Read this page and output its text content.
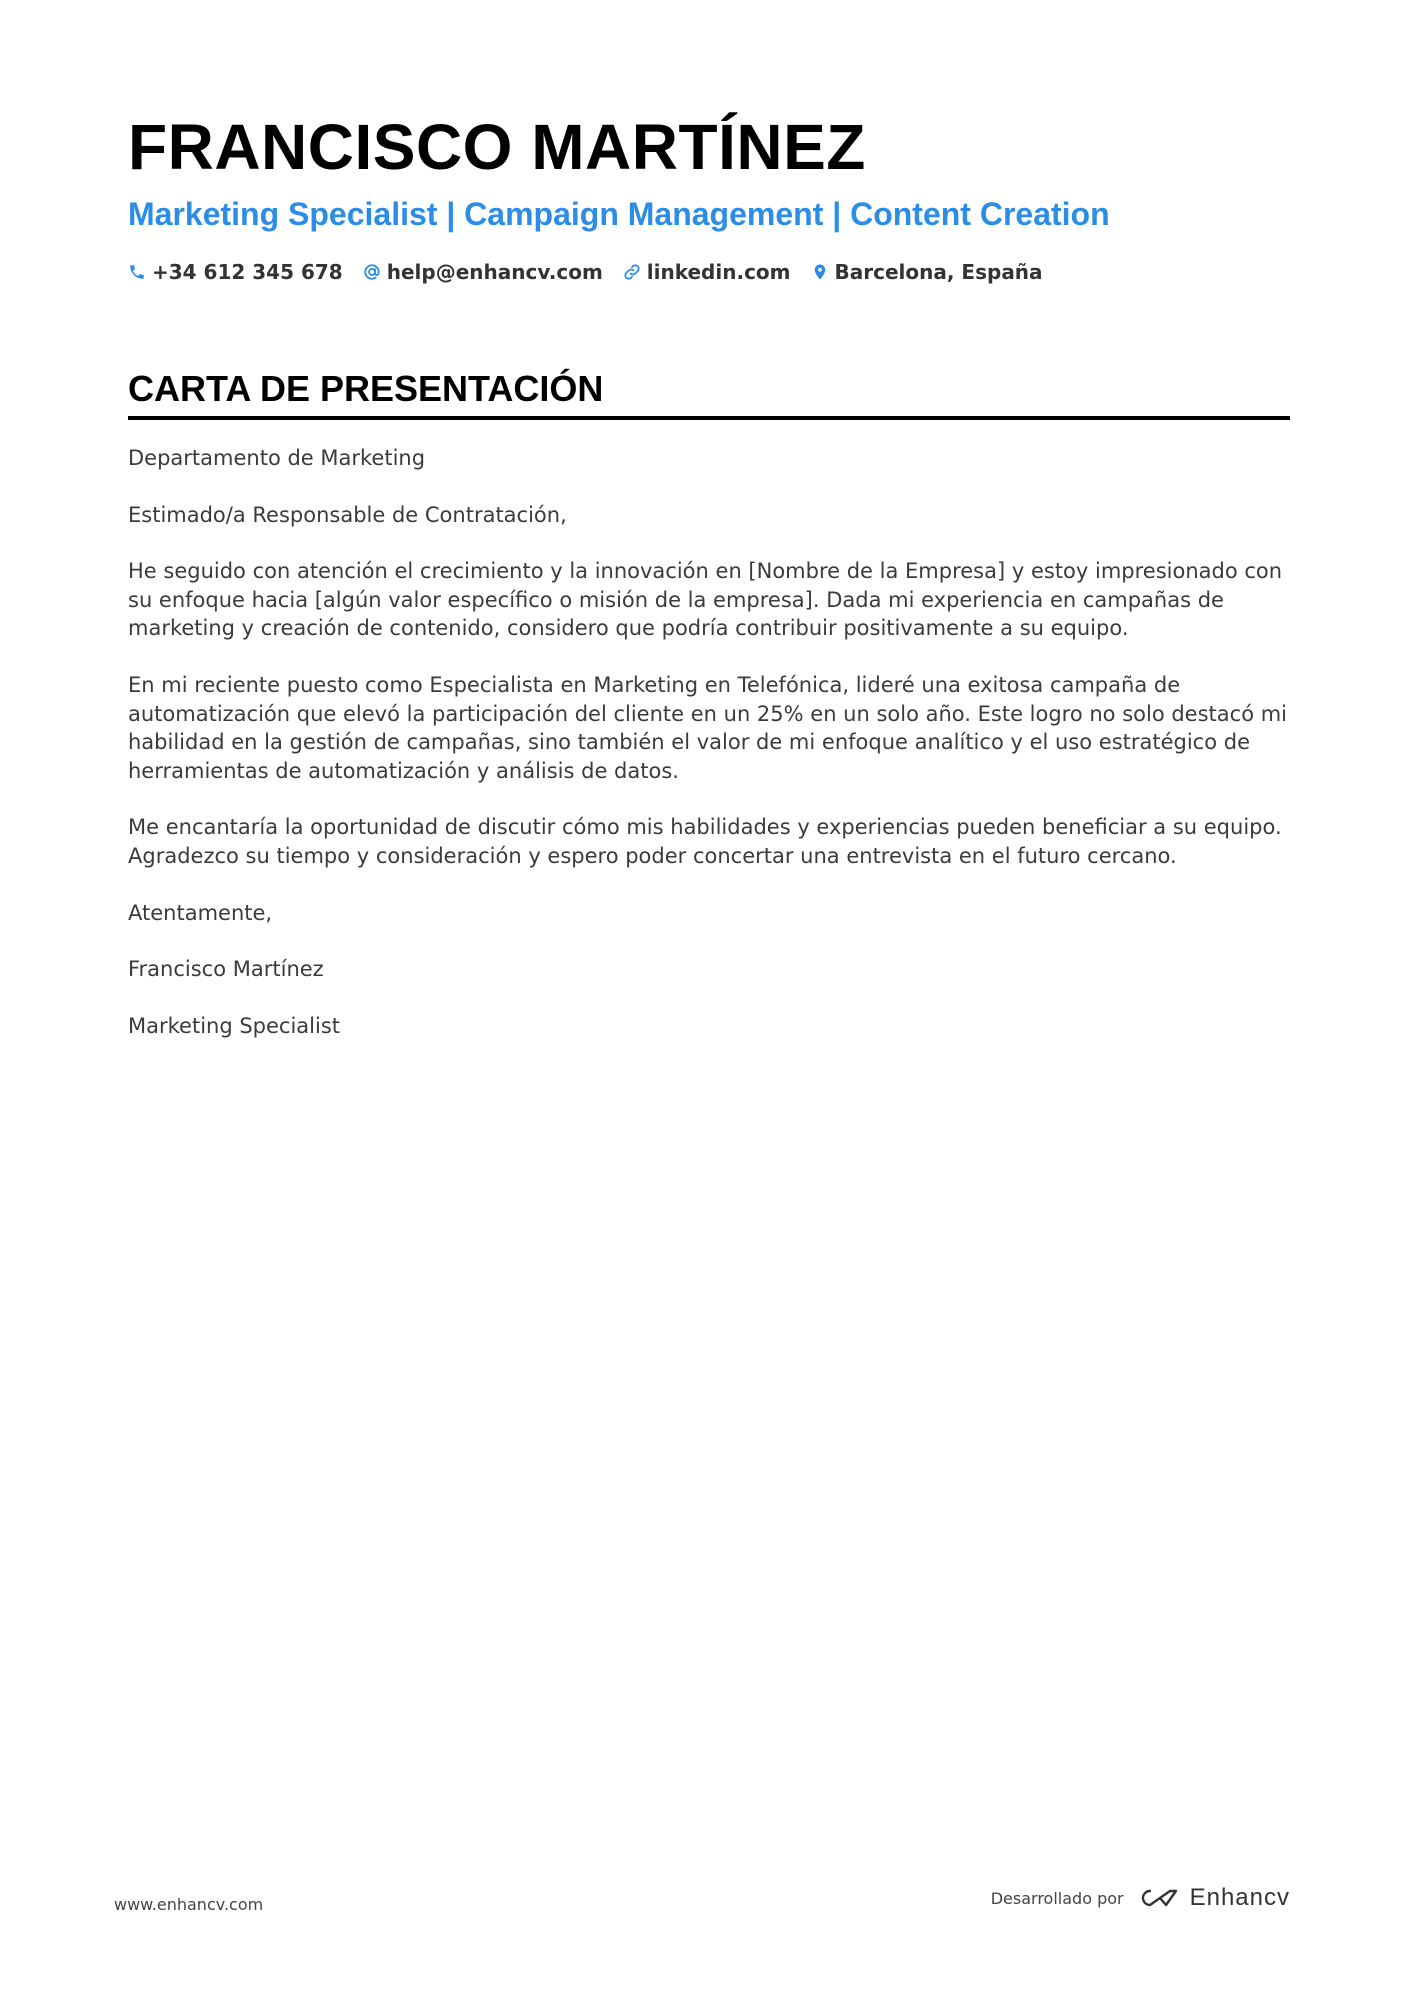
FRANCISCO MARTÍNEZ
Marketing Specialist | Campaign Management | Content Creation
+34 612 345 678 help@enhancv.com linkedin.com Barcelona, España
CARTA DE PRESENTACIÓN

Departamento de Marketing

Estimado/a Responsable de Contratación,

He seguido con atención el crecimiento y la innovación en [Nombre de la Empresa] y estoy impresionado con su enfoque hacia [algún valor específico o misión de la empresa]. Dada mi experiencia en campañas de marketing y creación de contenido, considero que podría contribuir positivamente a su equipo.

En mi reciente puesto como Especialista en Marketing en Telefónica, lideré una exitosa campaña de automatización que elevó la participación del cliente en un 25% en un solo año. Este logro no solo destacó mi habilidad en la gestión de campañas, sino también el valor de mi enfoque analítico y el uso estratégico de herramientas de automatización y análisis de datos.

Me encantaría la oportunidad de discutir cómo mis habilidades y experiencias pueden beneficiar a su equipo. Agradezco su tiempo y consideración y espero poder concertar una entrevista en el futuro cercano.

Atentamente,

Francisco Martínez

Marketing Specialist

www.enhancv.com	Desarrollado por	Enhancv
